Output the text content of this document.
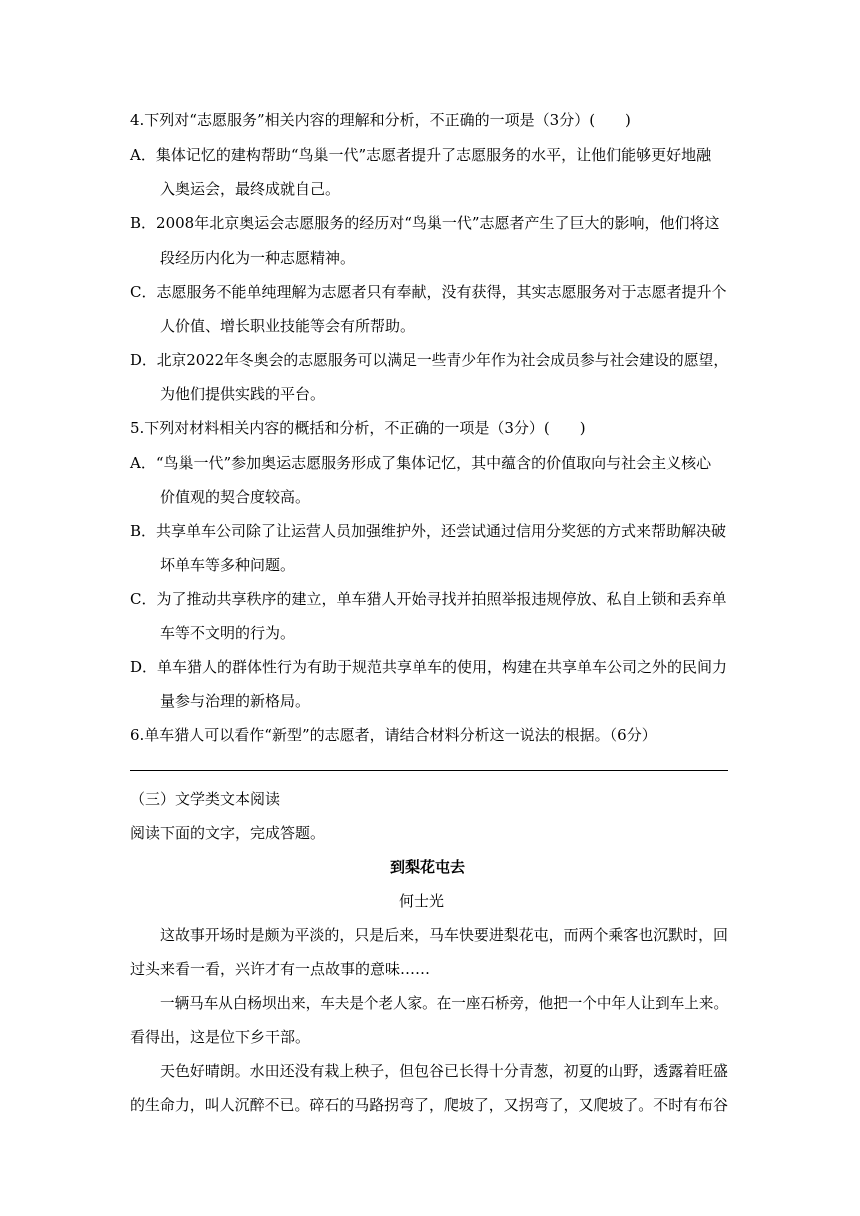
4.下列对“志愿服务”相关内容的理解和分析，不正确的一项是（3分）(　　)
A．集体记忆的建构帮助“鸟巢一代”志愿者提升了志愿服务的水平，让他们能够更好地融
入奥运会，最终成就自己。
B．2008年北京奥运会志愿服务的经历对“鸟巢一代”志愿者产生了巨大的影响，他们将这
段经历内化为一种志愿精神。
C．志愿服务不能单纯理解为志愿者只有奉献，没有获得，其实志愿服务对于志愿者提升个
人价值、增长职业技能等会有所帮助。
D．北京2022年冬奥会的志愿服务可以满足一些青少年作为社会成员参与社会建设的愿望，
为他们提供实践的平台。
5.下列对材料相关内容的概括和分析，不正确的一项是（3分）(　　)
A．“鸟巢一代”参加奥运志愿服务形成了集体记忆，其中蕴含的价值取向与社会主义核心
价值观的契合度较高。
B．共享单车公司除了让运营人员加强维护外，还尝试通过信用分奖惩的方式来帮助解决破
坏单车等多种问题。
C．为了推动共享秩序的建立，单车猎人开始寻找并拍照举报违规停放、私自上锁和丢弃单
车等不文明的行为。
D．单车猎人的群体性行为有助于规范共享单车的使用，构建在共享单车公司之外的民间力
量参与治理的新格局。
6.单车猎人可以看作“新型”的志愿者，请结合材料分析这一说法的根据。（6分）
（三）文学类文本阅读
阅读下面的文字，完成答题。
到梨花屯去
何士光
这故事开场时是颇为平淡的，只是后来，马车快要进梨花屯，而两个乘客也沉默时，回
过头来看一看，兴许才有一点故事的意味……
一辆马车从白杨坝出来，车夫是个老人家。在一座石桥旁，他把一个中年人让到车上来。
看得出，这是位下乡干部。
天色好晴朗。水田还没有栽上秧子，但包谷已长得十分青葱，初夏的山野，透露着旺盛
的生命力，叫人沉醉不已。碎石的马路拐弯了，爬坡了，又拐弯了，又爬坡了。不时有布谷
